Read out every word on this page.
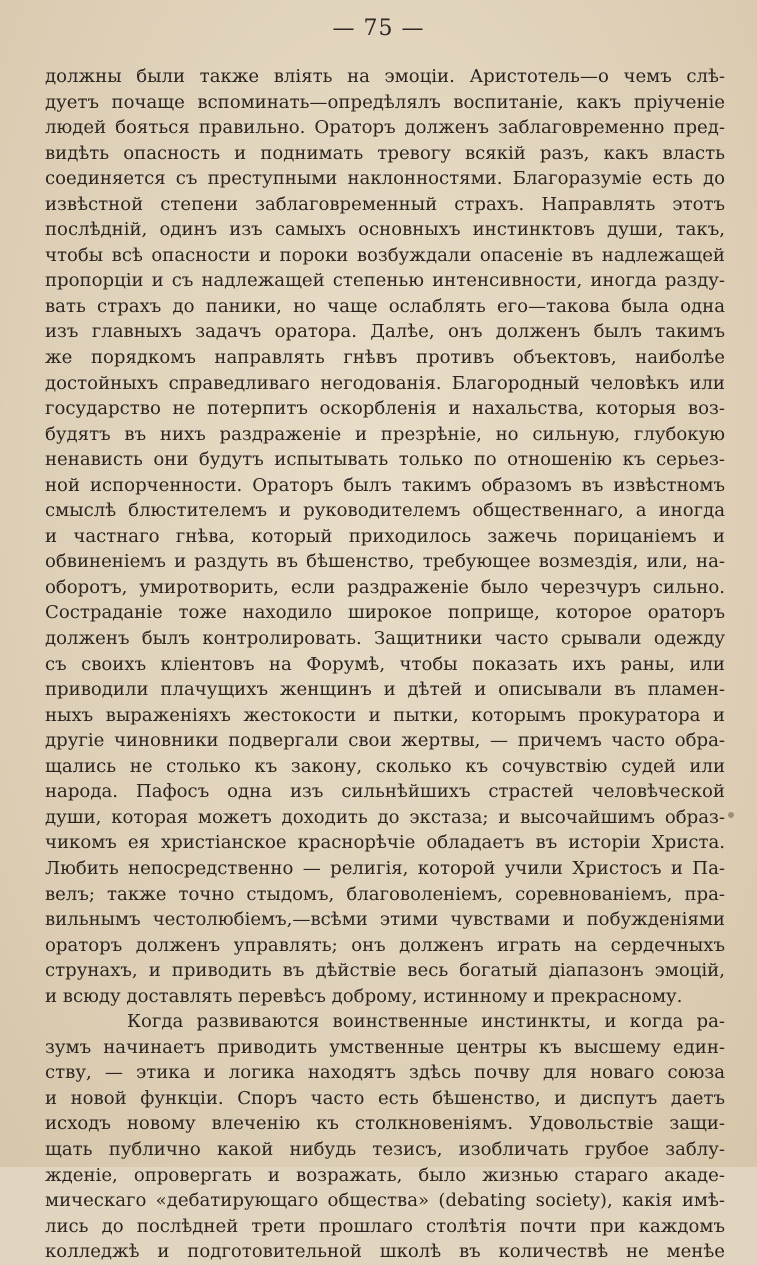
— 75 —
должны были также влiять на эмоцiи. Аристотель—о чемъ слѣ-
дуетъ почаще вспоминать—опредѣлялъ воспитанiе, какъ прiученiе
людей бояться правильно. Ораторъ долженъ заблаговременно пред-
видѣть опасность и поднимать тревогу всякiй разъ, какъ власть
соединяется съ преступными наклонностями. Благоразумiе есть до
извѣстной степени заблаговременный страхъ. Направлять этотъ
послѣднiй, одинъ изъ самыхъ основныхъ инстинктовъ души, такъ,
чтобы всѣ опасности и пороки возбуждали опасенiе въ надлежащей
пропорцiи и съ надлежащей степенью интенсивности, иногда разду-
вать страхъ до паники, но чаще ослаблять его—такова была одна
изъ главныхъ задачъ оратора. Далѣе, онъ долженъ былъ такимъ
же порядкомъ направлять гнѣвъ противъ объектовъ, наиболѣе
достойныхъ справедливаго негодованiя. Благородный человѣкъ или
государство не потерпитъ оскорбленiя и нахальства, которыя воз-
будятъ въ нихъ раздраженiе и презрѣнiе, но сильную, глубокую
ненависть они будутъ испытывать только по отношенiю къ серьез-
ной испорченности. Ораторъ былъ такимъ образомъ въ извѣстномъ
смыслѣ блюстителемъ и руководителемъ общественнаго, а иногда
и частнаго гнѣва, который приходилось зажечь порицанiемъ и
обвиненiемъ и раздуть въ бѣшенство, требующее возмездiя, или, на-
оборотъ, умиротворить, если раздраженiе было черезчуръ сильно.
Состраданiе тоже находило широкое поприще, которое ораторъ
долженъ былъ контролировать. Защитники часто срывали одежду
съ своихъ клiентовъ на Форумѣ, чтобы показать ихъ раны, или
приводили плачущихъ женщинъ и дѣтей и описывали въ пламен-
ныхъ выраженiяхъ жестокости и пытки, которымъ прокуратора и
другiе чиновники подвергали свои жертвы, — причемъ часто обра-
щались не столько къ закону, сколько къ сочувствiю судей или
народа. Пафосъ одна изъ сильнѣйшихъ страстей человѣческой
души, которая можетъ доходить до экстаза; и высочайшимъ образ-
чикомъ ея христiанское краснорѣчiе обладаетъ въ исторiи Христа.
Любить непосредственно — религiя, которой учили Христосъ и Па-
велъ; также точно стыдомъ, благоволенiемъ, соревнованiемъ, пра-
вильнымъ честолюбiемъ,—всѣми этими чувствами и побужденiями
ораторъ долженъ управлять; онъ долженъ играть на сердечныхъ
струнахъ, и приводить въ дѣйствiе весь богатый дiапазонъ эмоцiй,
и всюду доставлять перевѣсъ доброму, истинному и прекрасному.
Когда развиваются воинственные инстинкты, и когда ра-
зумъ начинаетъ приводить умственные центры къ высшему един-
ству, — этика и логика находятъ здѣсь почву для новаго союза
и новой функцiи. Споръ часто есть бѣшенство, и диспутъ даетъ
исходъ новому влеченiю къ столкновенiямъ. Удовольствiе защи-
щать публично какой нибудь тезисъ, изобличать грубое заблу-
жденiе, опровергать и возражать, было жизнью стараго акаде-
мическаго «дебатирующаго общества» (debating society), какiя имѣ-
лись до послѣдней трети прошлаго столѣтiя почти при каждомъ
колледжѣ и подготовительной школѣ въ количествѣ не менѣе
